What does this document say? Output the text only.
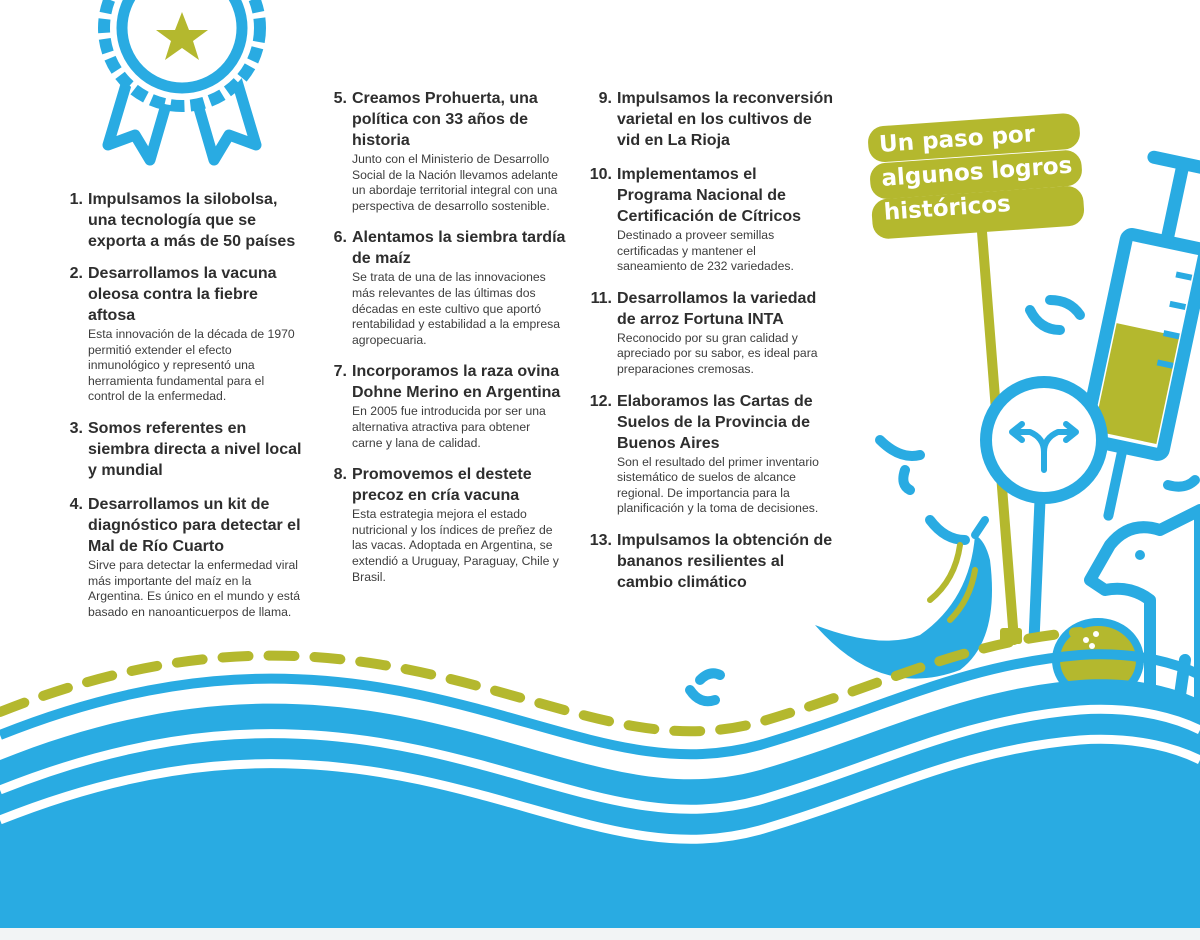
Un paso por
algunos logros
históricos
1. Impulsamos la silobolsa,
una tecnología que se
exporta a más de 50 países

2. Desarrollamos la vacuna
oleosa contra la fiebre
aftosa

Esta innovación de la década de 1970
permitió extender el efecto
inmunológico y representó una
herramienta fundamental para el
control de la enfermedad.

3. Somos referentes en
siembra directa a nivel local
y mundial

4. Desarrollamos un kit de
diagnóstico para detectar el
Mal de Río Cuarto

Sirve para detectar la enfermedad viral
más importante del maíz en la
Argentina. Es único en el mundo y está
basado en nanoanticuerpos de llama.

5. Creamos Prohuerta, una
política con 33 años de
historia

Junto con el Ministerio de Desarrollo
Social de la Nación llevamos adelante
un abordaje territorial integral con una
perspectiva de desarrollo sostenible.

6. Alentamos la siembra tardía
de maíz

Se trata de una de las innovaciones
más relevantes de las últimas dos
décadas en este cultivo que aportó
rentabilidad y estabilidad a la empresa
agropecuaria.

7. Incorporamos la raza ovina
Dohne Merino en Argentina

En 2005 fue introducida por ser una
alternativa atractiva para obtener
carne y lana de calidad.

8. Promovemos el destete
precoz en cría vacuna

Esta estrategia mejora el estado
nutricional y los índices de preñez de
las vacas. Adoptada en Argentina, se
extendió a Uruguay, Paraguay, Chile y
Brasil.

9. Impulsamos la reconversión
varietal en los cultivos de
vid en La Rioja

10. Implementamos el
Programa Nacional de
Certificación de Cítricos

Destinado a proveer semillas
certificadas y mantener el
saneamiento de 232 variedades.

11. Desarrollamos la variedad
de arroz Fortuna INTA

Reconocido por su gran calidad y
apreciado por su sabor, es ideal para
preparaciones cremosas.

12. Elaboramos las Cartas de
Suelos de la Provincia de
Buenos Aires

Son el resultado del primer inventario
sistemático de suelos de alcance
regional. De importancia para la
planificación y la toma de decisiones.

13. Impulsamos la obtención de
bananos resilientes al
cambio climático
